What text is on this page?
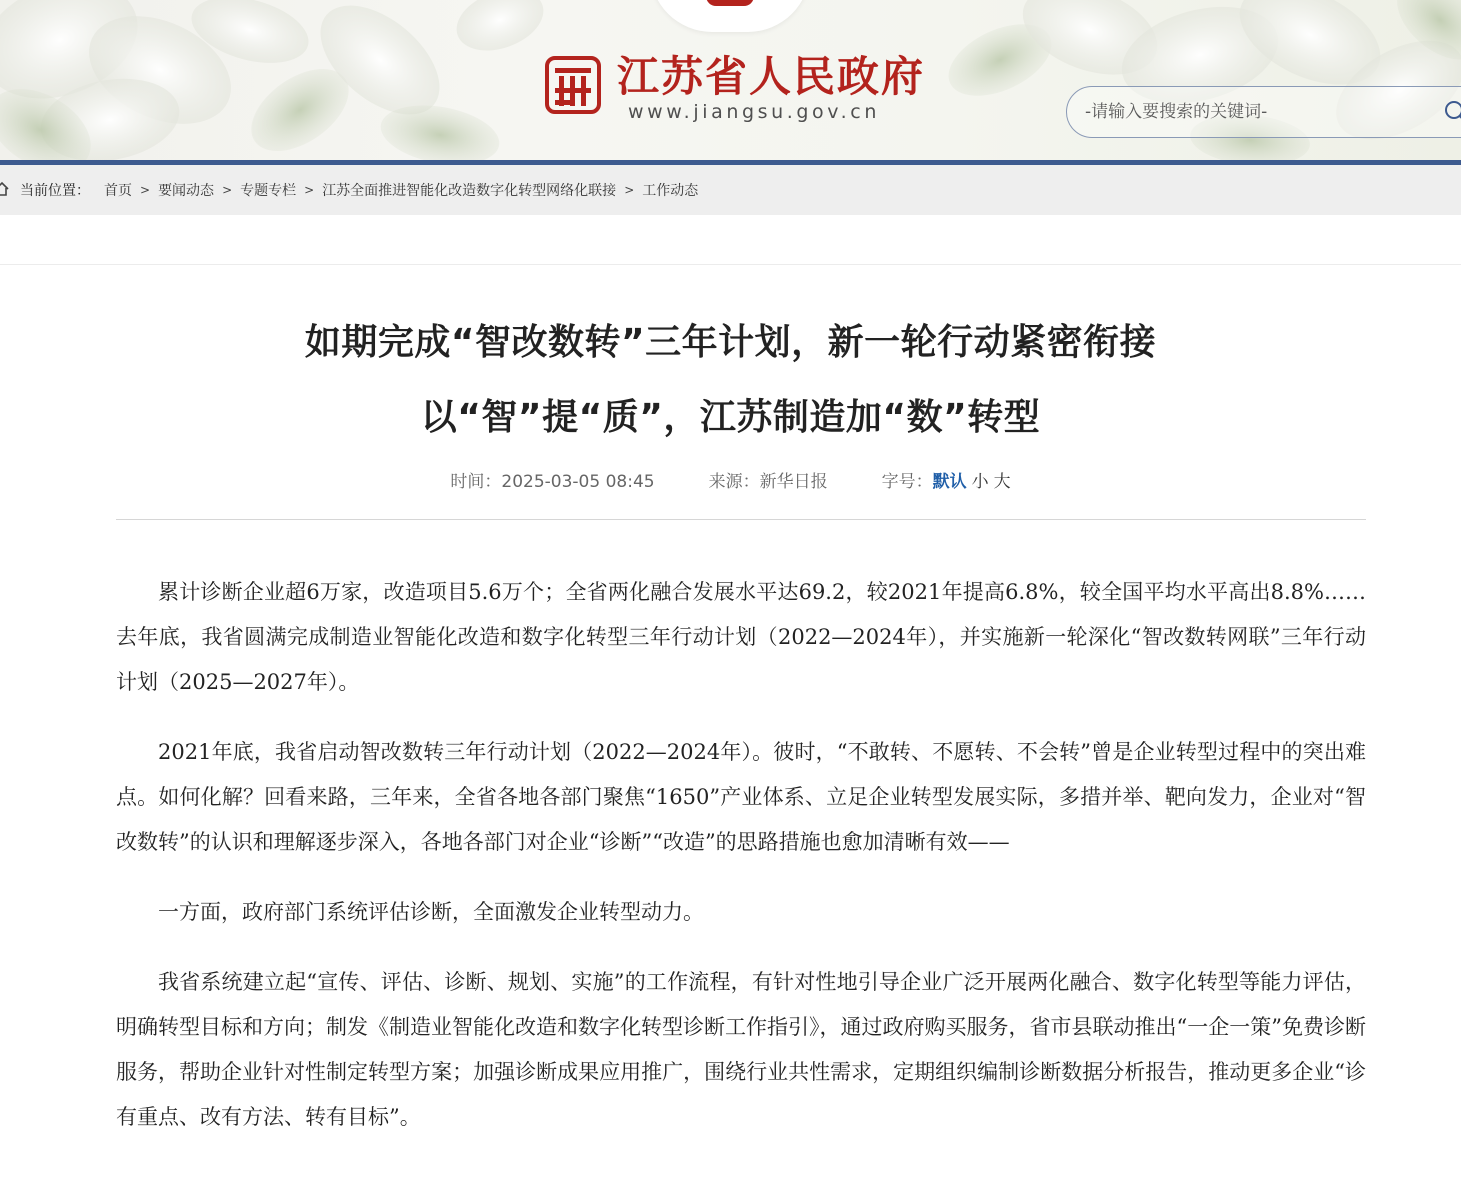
江苏省人民政府
www.jiangsu.gov.cn
-请输入要搜索的关键词-
当前位置： 首页 > 要闻动态 > 专题专栏 > 江苏全面推进智能化改造数字化转型网络化联接 > 工作动态
如期完成“智改数转”三年计划，新一轮行动紧密衔接
以“智”提“质”，江苏制造加“数”转型
时间：2025-03-05 08:45	来源：新华日报	字号：默认 小 大

累计诊断企业超6万家，改造项目5.6万个；全省两化融合发展水平达69.2，较2021年提高6.8%，较全国平均水平高出8.8%……去年底，我省圆满完成制造业智能化改造和数字化转型三年行动计划（2022—2024年），并实施新一轮深化“智改数转网联”三年行动计划（2025—2027年）。

2021年底，我省启动智改数转三年行动计划（2022—2024年）。彼时，“不敢转、不愿转、不会转”曾是企业转型过程中的突出难点。如何化解？回看来路，三年来，全省各地各部门聚焦“1650”产业体系、立足企业转型发展实际，多措并举、靶向发力，企业对“智改数转”的认识和理解逐步深入，各地各部门对企业“诊断”“改造”的思路措施也愈加清晰有效——

一方面，政府部门系统评估诊断，全面激发企业转型动力。

我省系统建立起“宣传、评估、诊断、规划、实施”的工作流程，有针对性地引导企业广泛开展两化融合、数字化转型等能力评估，明确转型目标和方向；制发《制造业智能化改造和数字化转型诊断工作指引》，通过政府购买服务，省市县联动推出“一企一策”免费诊断服务，帮助企业针对性制定转型方案；加强诊断成果应用推广，围绕行业共性需求，定期组织编制诊断数据分析报告，推动更多企业“诊有重点、改有方法、转有目标”。
